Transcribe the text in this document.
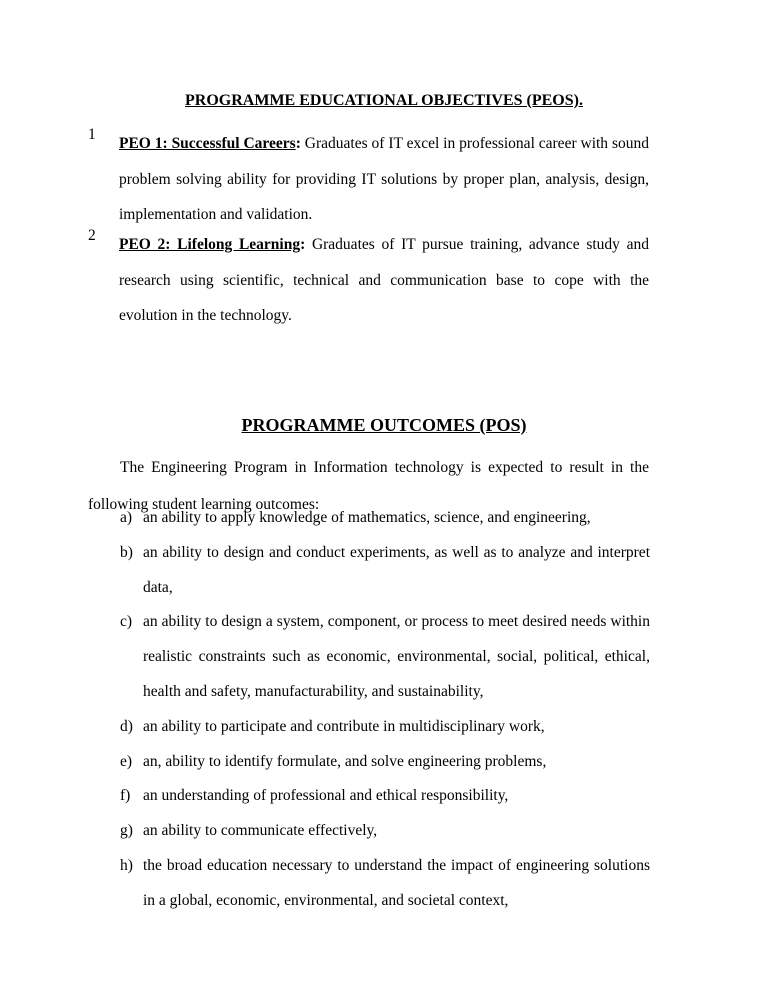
PROGRAMME EDUCATIONAL OBJECTIVES (PEOS).
1
PEO 1: Successful Careers: Graduates of IT excel in professional career with sound problem solving ability for providing IT solutions by proper plan, analysis, design, implementation and validation.
2
PEO 2: Lifelong Learning: Graduates of IT pursue training, advance study and research using scientific, technical and communication base to cope with the evolution in the technology.
PROGRAMME OUTCOMES (POS)
The Engineering Program in Information technology is expected to result in the following student learning outcomes:
a) an ability to apply knowledge of mathematics, science, and engineering,
b) an ability to design and conduct experiments, as well as to analyze and interpret data,
c) an ability to design a system, component, or process to meet desired needs within realistic constraints such as economic, environmental, social, political, ethical, health and safety, manufacturability, and sustainability,
d) an ability to participate and contribute in multidisciplinary work,
e) an, ability to identify formulate, and solve engineering problems,
f) an understanding of professional and ethical responsibility,
g) an ability to communicate effectively,
h) the broad education necessary to understand the impact of engineering solutions in a global, economic, environmental, and societal context,
